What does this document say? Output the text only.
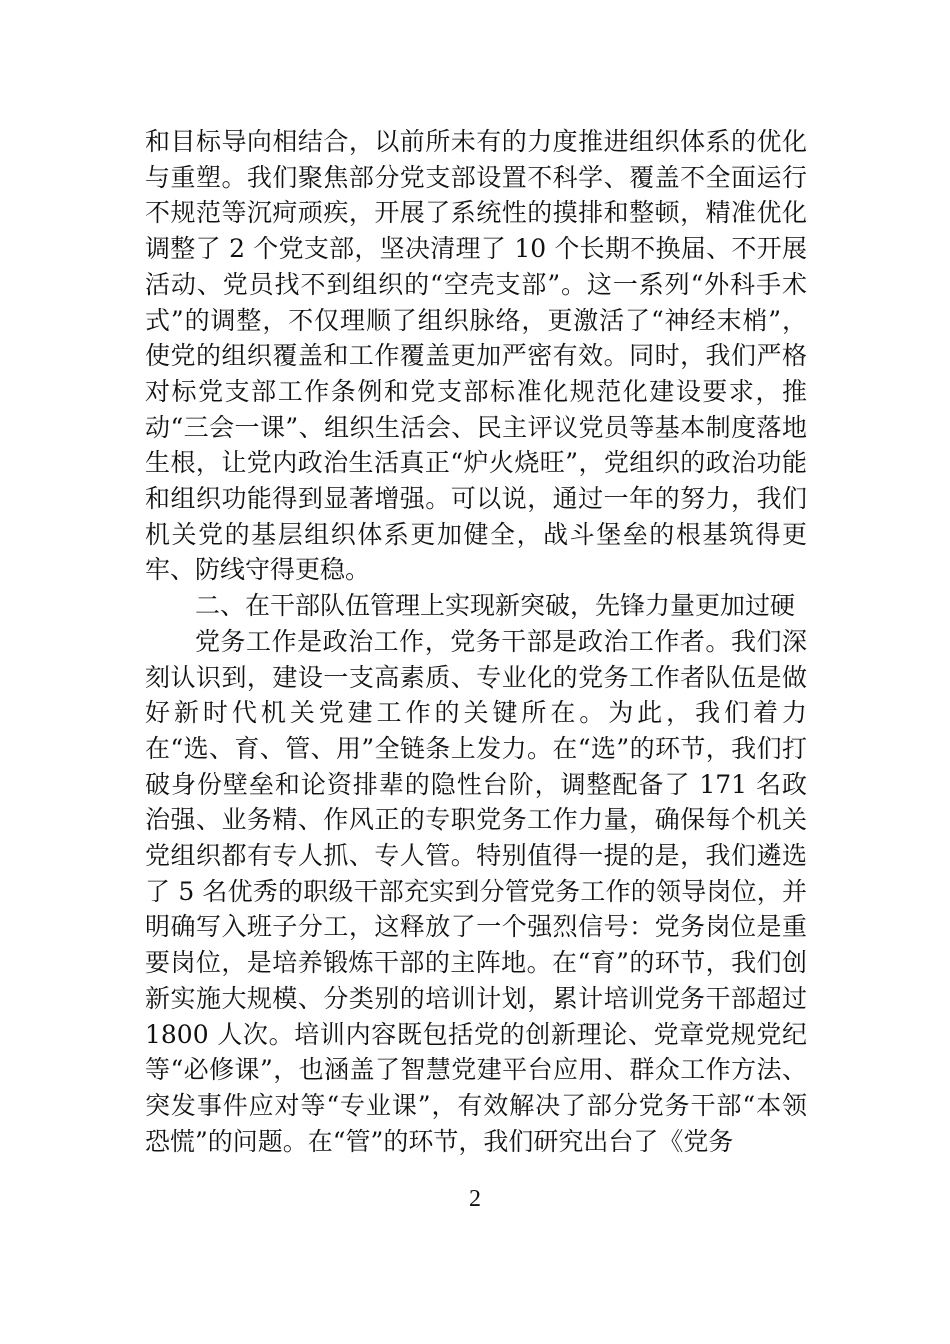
和目标导向相结合，以前所未有的力度推进组织体系的优化与重塑。我们聚焦部分党支部设置不科学、覆盖不全面运行不规范等沉疴顽疾，开展了系统性的摸排和整顿，精准优化调整了 2 个党支部，坚决清理了 10 个长期不换届、不开展活动、党员找不到组织的“空壳支部”。这一系列“外科手术式”的调整，不仅理顺了组织脉络，更激活了“神经末梢”，使党的组织覆盖和工作覆盖更加严密有效。同时，我们严格对标党支部工作条例和党支部标准化规范化建设要求，推动“三会一课”、组织生活会、民主评议党员等基本制度落地生根，让党内政治生活真正“炉火烧旺”，党组织的政治功能和组织功能得到显著增强。可以说，通过一年的努力，我们机关党的基层组织体系更加健全，战斗堡垒的根基筑得更牢、防线守得更稳。

二、在干部队伍管理上实现新突破，先锋力量更加过硬

党务工作是政治工作，党务干部是政治工作者。我们深刻认识到，建设一支高素质、专业化的党务工作者队伍是做好新时代机关党建工作的关键所在。为此，我们着力在“选、育、管、用”全链条上发力。在“选”的环节，我们打破身份壁垒和论资排辈的隐性台阶，调整配备了 171 名政治强、业务精、作风正的专职党务工作力量，确保每个机关党组织都有专人抓、专人管。特别值得一提的是，我们遴选了 5 名优秀的职级干部充实到分管党务工作的领导岗位，并明确写入班子分工，这释放了一个强烈信号：党务岗位是重要岗位，是培养锻炼干部的主阵地。在“育”的环节，我们创新实施大规模、分类别的培训计划，累计培训党务干部超过 1800 人次。培训内容既包括党的创新理论、党章党规党纪等“必修课”，也涵盖了智慧党建平台应用、群众工作方法、突发事件应对等“专业课”，有效解决了部分党务干部“本领恐慌”的问题。在“管”的环节，我们研究出台了《党务

2
